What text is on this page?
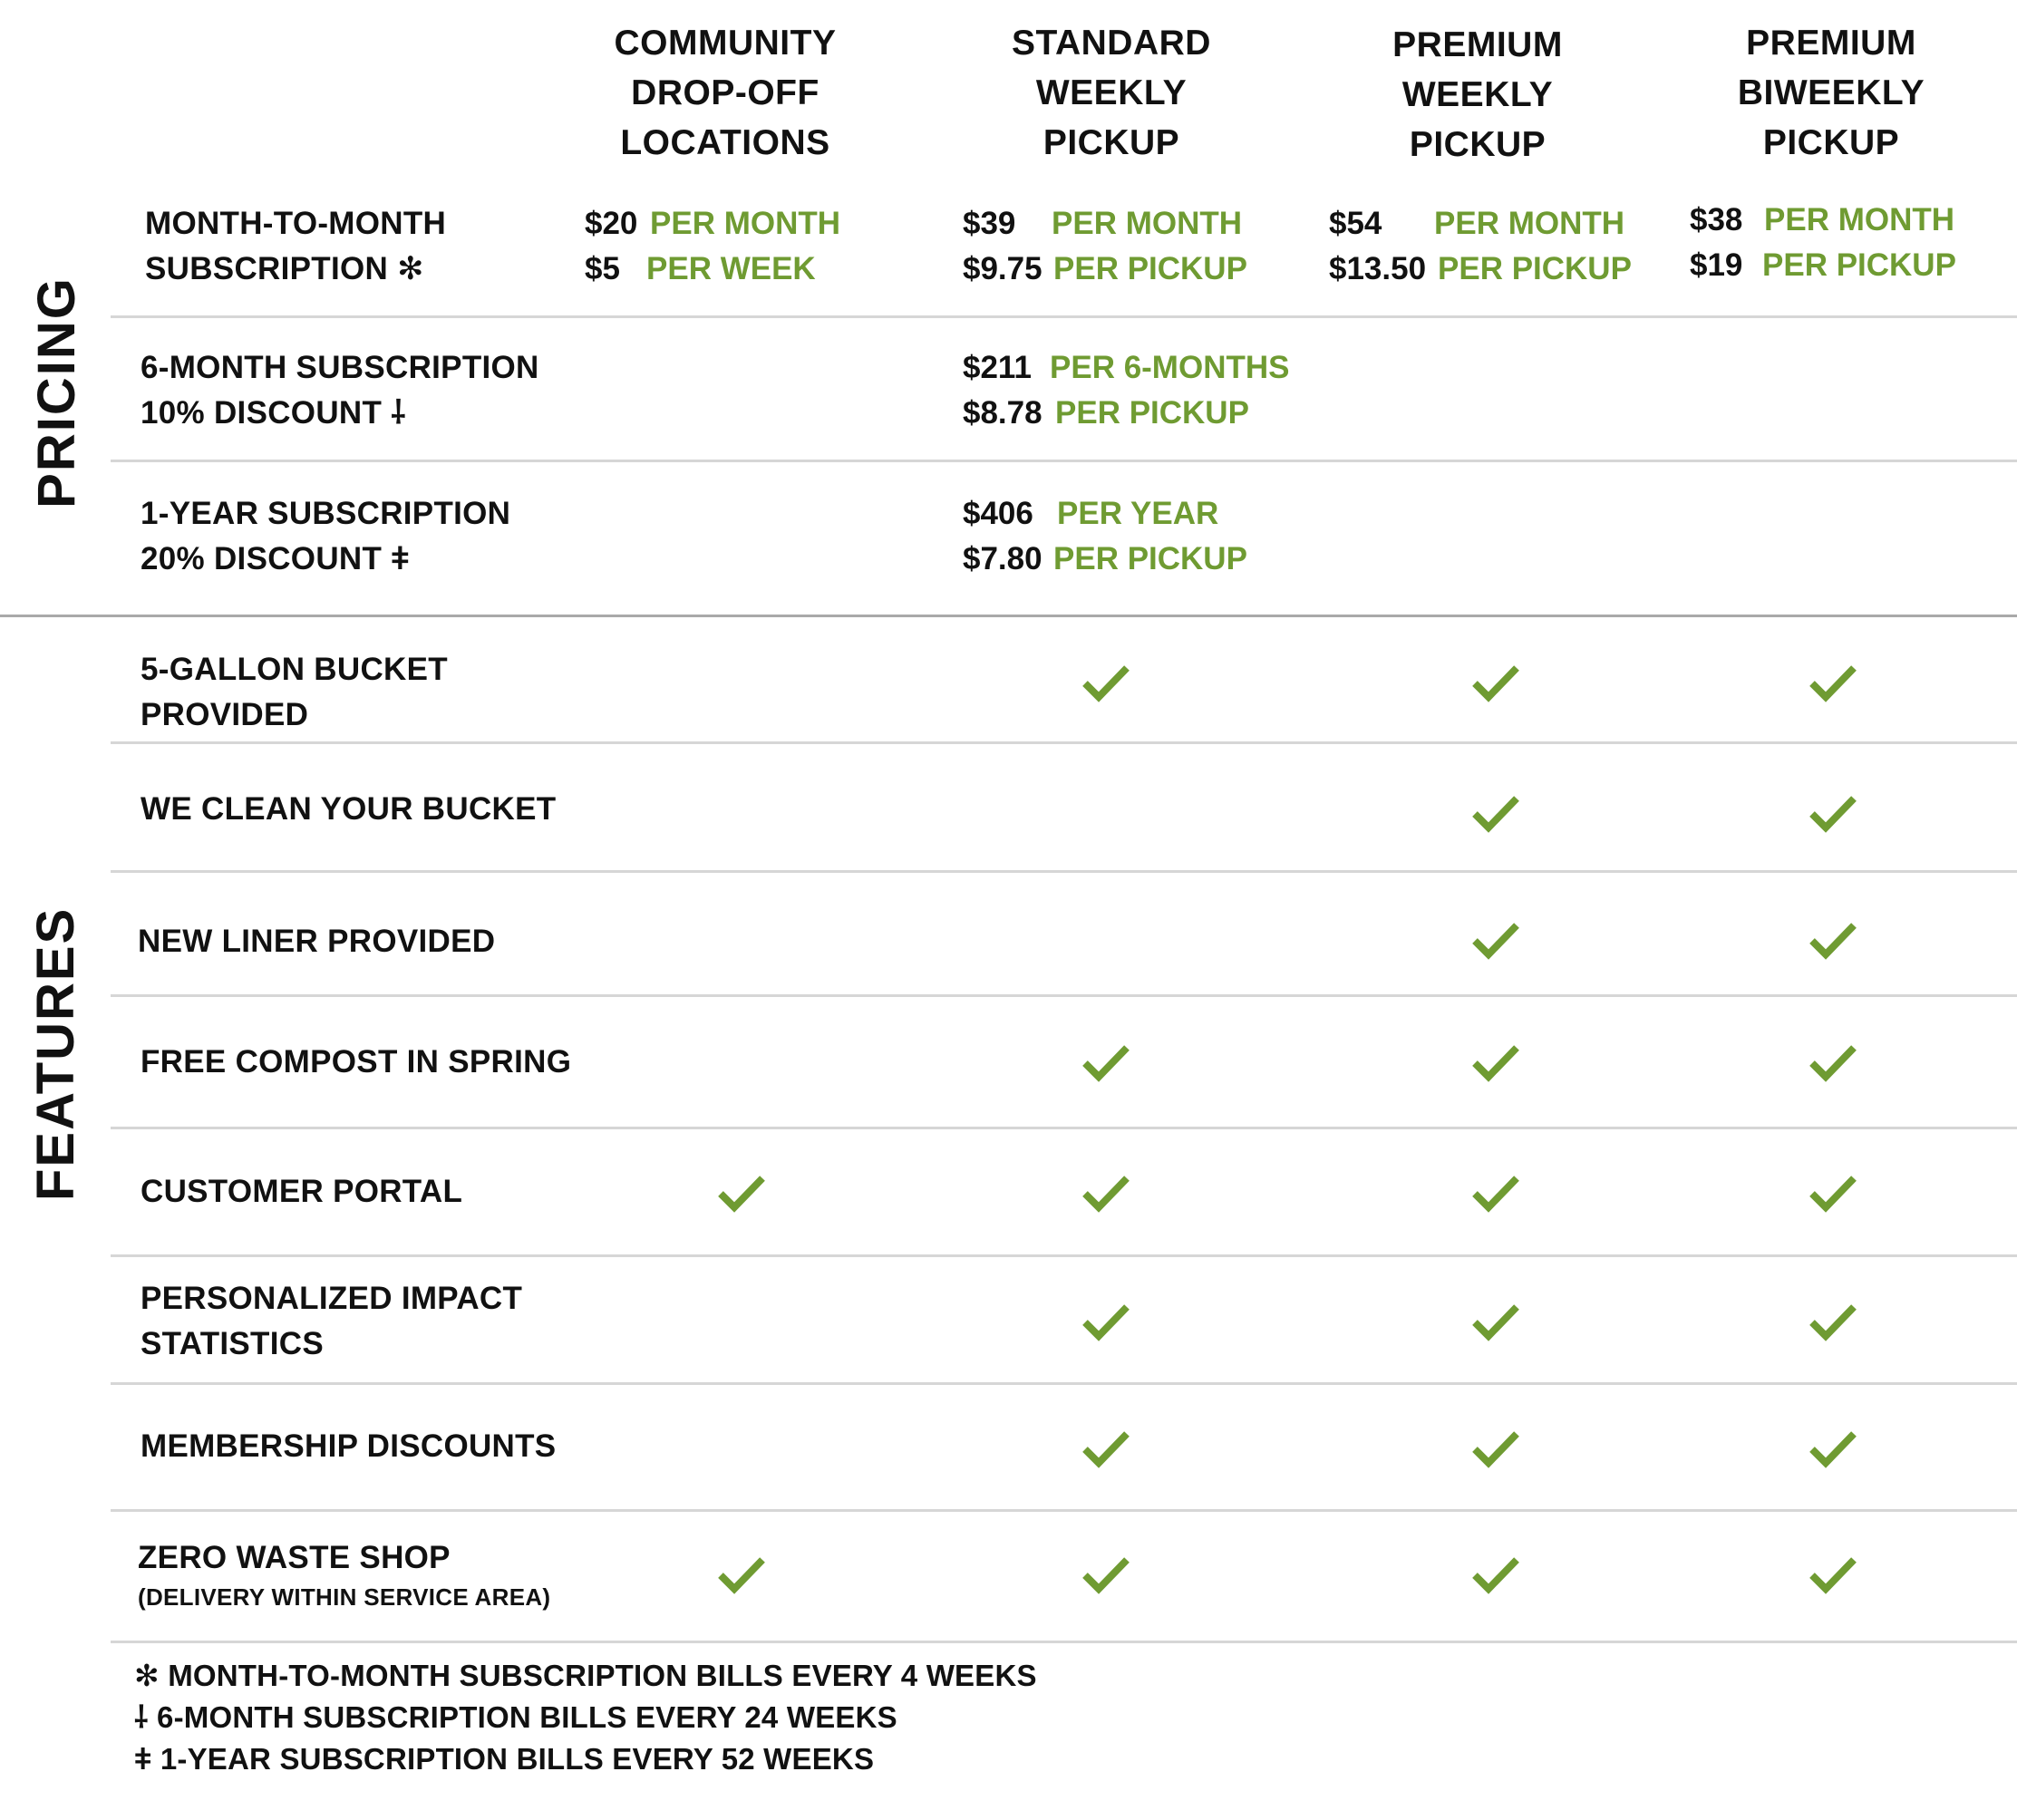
COMMUNITY
DROP-OFF
LOCATIONS
STANDARD
WEEKLY
PICKUP
PREMIUM
WEEKLY
PICKUP
PREMIUM
BIWEEKLY
PICKUP
PRICING
FEATURES
MONTH-TO-MONTH
SUBSCRIPTION ✻
6-MONTH SUBSCRIPTION
10% DISCOUNT ⸸
1-YEAR SUBSCRIPTION
20% DISCOUNT ǂ
$20 PER MONTH
$5 PER WEEK
$39 PER MONTH
$9.75 PER PICKUP
$54 PER MONTH
$13.50 PER PICKUP
$38 PER MONTH
$19 PER PICKUP
$211 PER 6-MONTHS
$8.78 PER PICKUP
$406 PER YEAR
$7.80 PER PICKUP
5-GALLON BUCKET
PROVIDED
WE CLEAN YOUR BUCKET
NEW LINER PROVIDED
FREE COMPOST IN SPRING
CUSTOMER PORTAL
PERSONALIZED IMPACT
STATISTICS
MEMBERSHIP DISCOUNTS
ZERO WASTE SHOP
(DELIVERY WITHIN SERVICE AREA)
✻ MONTH-TO-MONTH SUBSCRIPTION BILLS EVERY 4 WEEKS
⸸ 6-MONTH SUBSCRIPTION BILLS EVERY 24 WEEKS
ǂ 1-YEAR SUBSCRIPTION BILLS EVERY 52 WEEKS
